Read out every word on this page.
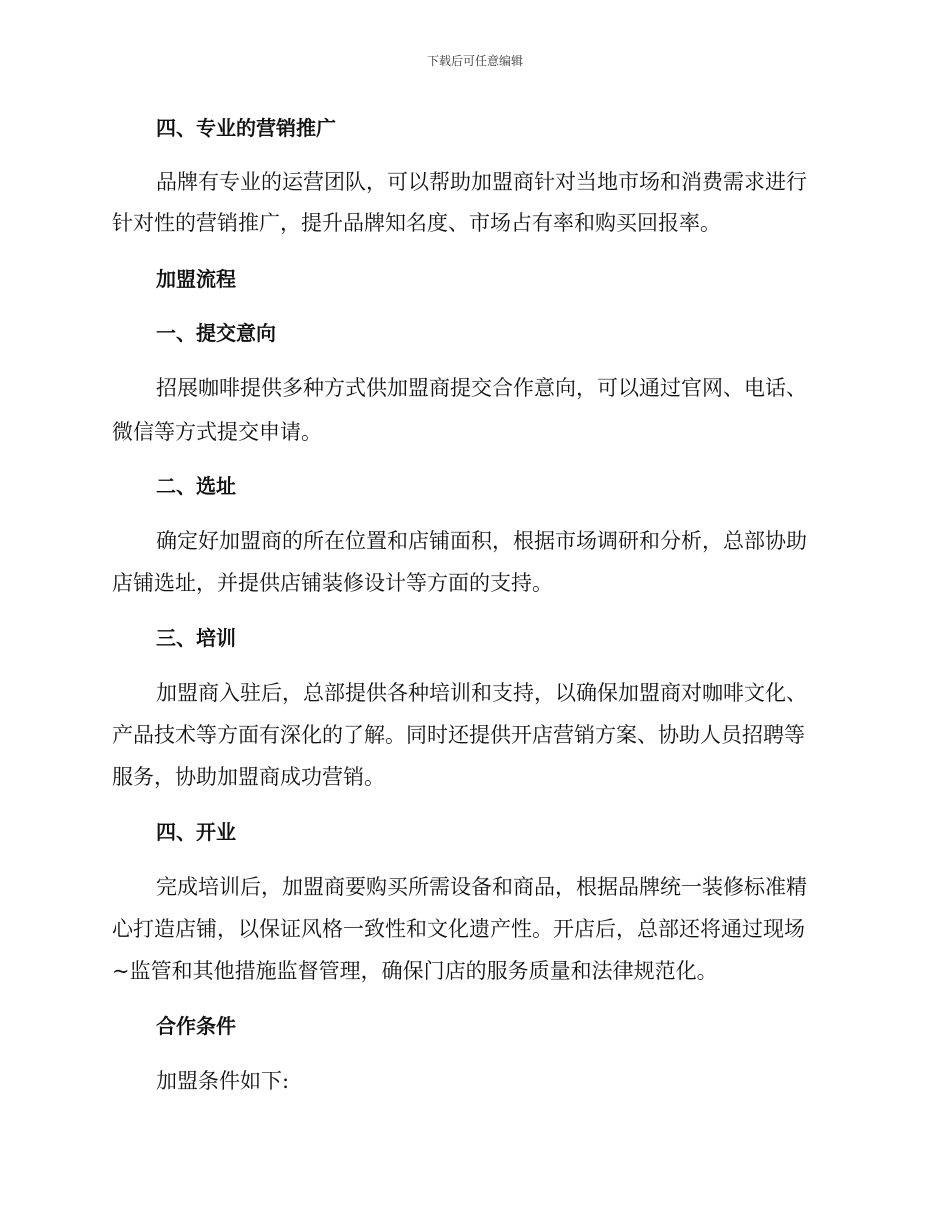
下载后可任意编辑
四、专业的营销推广
品牌有专业的运营团队，可以帮助加盟商针对当地市场和消费需求进行
针对性的营销推广，提升品牌知名度、市场占有率和购买回报率。
加盟流程
一、提交意向
招展咖啡提供多种方式供加盟商提交合作意向，可以通过官网、电话、
微信等方式提交申请。
二、选址
确定好加盟商的所在位置和店铺面积，根据市场调研和分析，总部协助
店铺选址，并提供店铺装修设计等方面的支持。
三、培训
加盟商入驻后，总部提供各种培训和支持，以确保加盟商对咖啡文化、
产品技术等方面有深化的了解。同时还提供开店营销方案、协助人员招聘等
服务，协助加盟商成功营销。
四、开业
完成培训后，加盟商要购买所需设备和商品，根据品牌统一装修标准精
心打造店铺，以保证风格一致性和文化遗产性。开店后，总部还将通过现场
~监管和其他措施监督管理，确保门店的服务质量和法律规范化。
合作条件
加盟条件如下:
